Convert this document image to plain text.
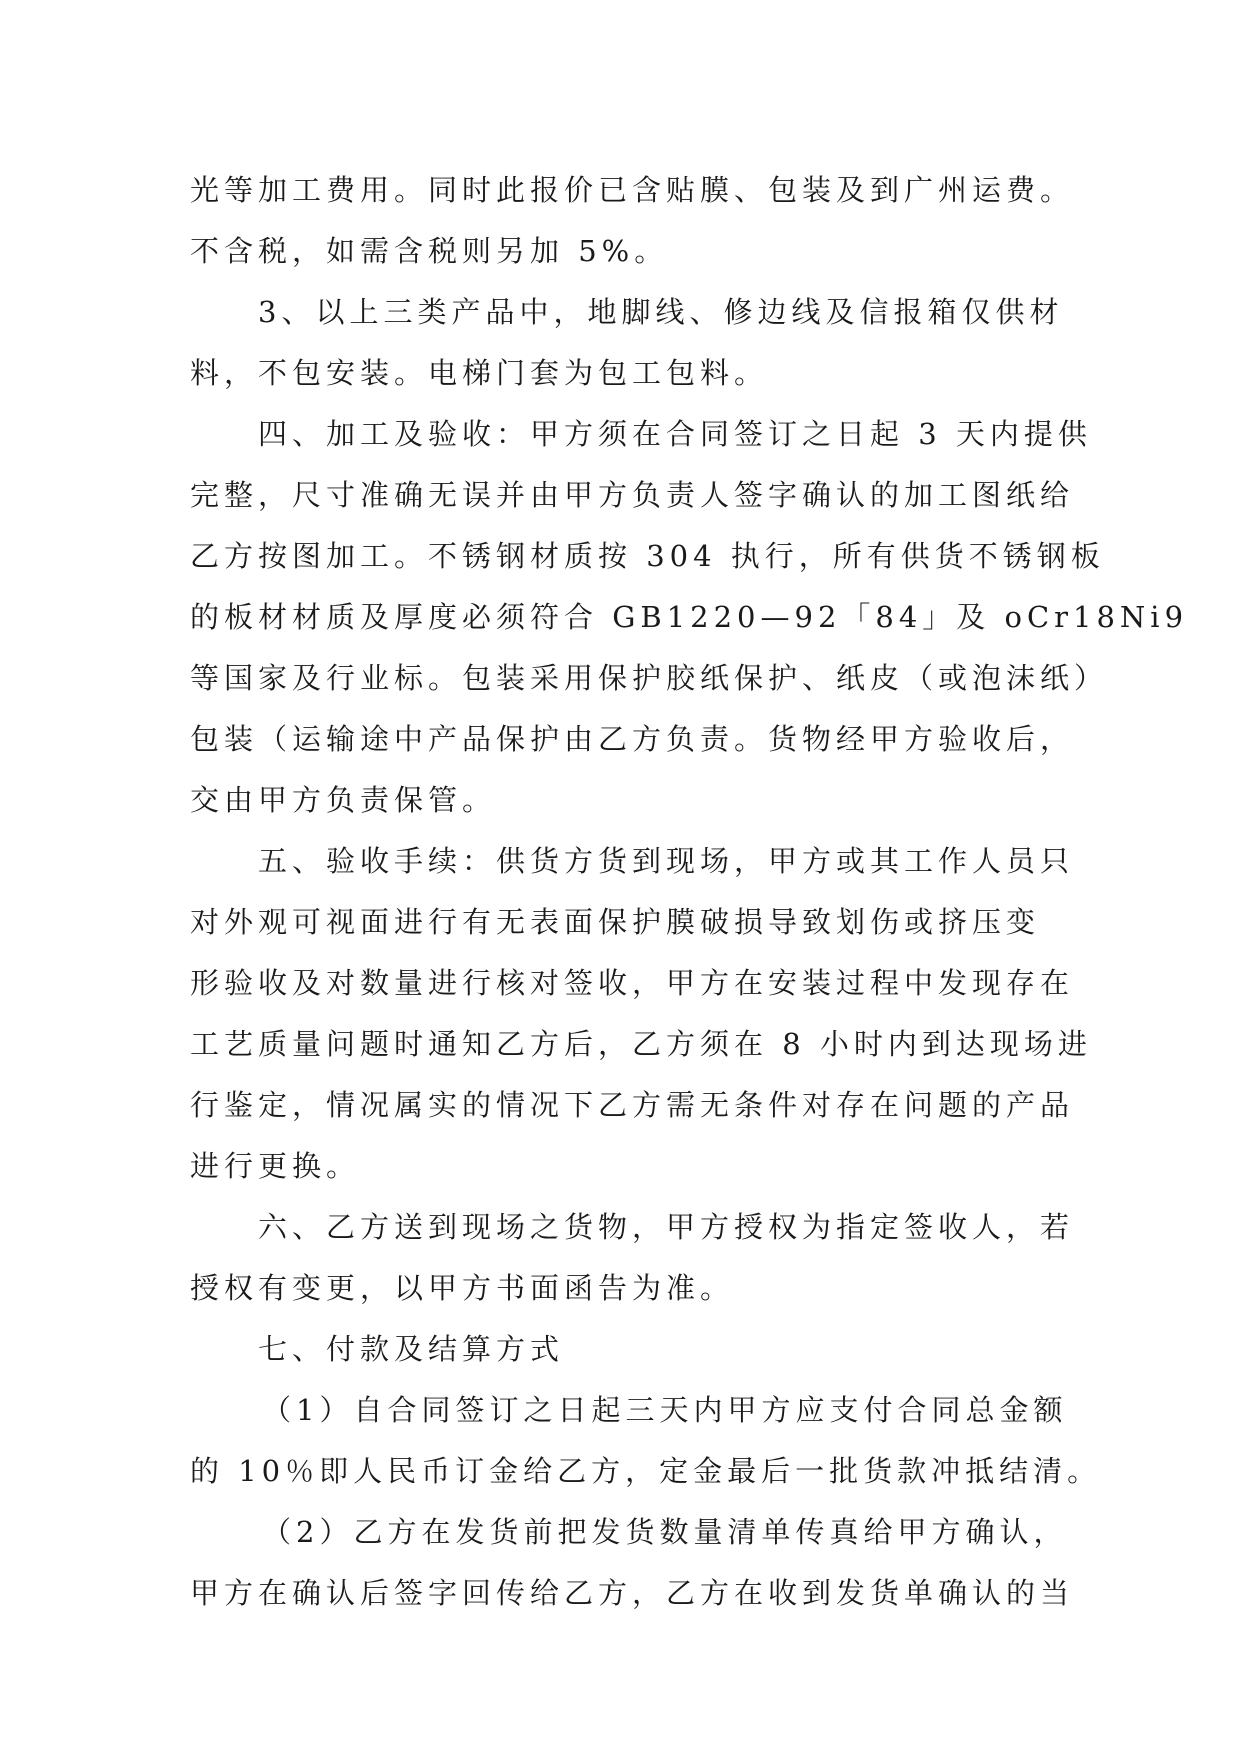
光等加工费用。同时此报价已含贴膜、包装及到广州运费。
不含税，如需含税则另加 5%。
3、以上三类产品中，地脚线、修边线及信报箱仅供材
料，不包安装。电梯门套为包工包料。
四、加工及验收：甲方须在合同签订之日起 3 天内提供
完整，尺寸准确无误并由甲方负责人签字确认的加工图纸给
乙方按图加工。不锈钢材质按 304 执行，所有供货不锈钢板
的板材材质及厚度必须符合 GB1220—92「84」及 oCr18Ni9
等国家及行业标。包装采用保护胶纸保护、纸皮（或泡沫纸）
包装（运输途中产品保护由乙方负责。货物经甲方验收后，
交由甲方负责保管。
五、验收手续：供货方货到现场，甲方或其工作人员只
对外观可视面进行有无表面保护膜破损导致划伤或挤压变
形验收及对数量进行核对签收，甲方在安装过程中发现存在
工艺质量问题时通知乙方后，乙方须在 8 小时内到达现场进
行鉴定，情况属实的情况下乙方需无条件对存在问题的产品
进行更换。
六、乙方送到现场之货物，甲方授权为指定签收人，若
授权有变更，以甲方书面函告为准。
七、付款及结算方式
（1）自合同签订之日起三天内甲方应支付合同总金额
的 10％即人民币订金给乙方，定金最后一批货款冲抵结清。
（2）乙方在发货前把发货数量清单传真给甲方确认，
甲方在确认后签字回传给乙方，乙方在收到发货单确认的当
